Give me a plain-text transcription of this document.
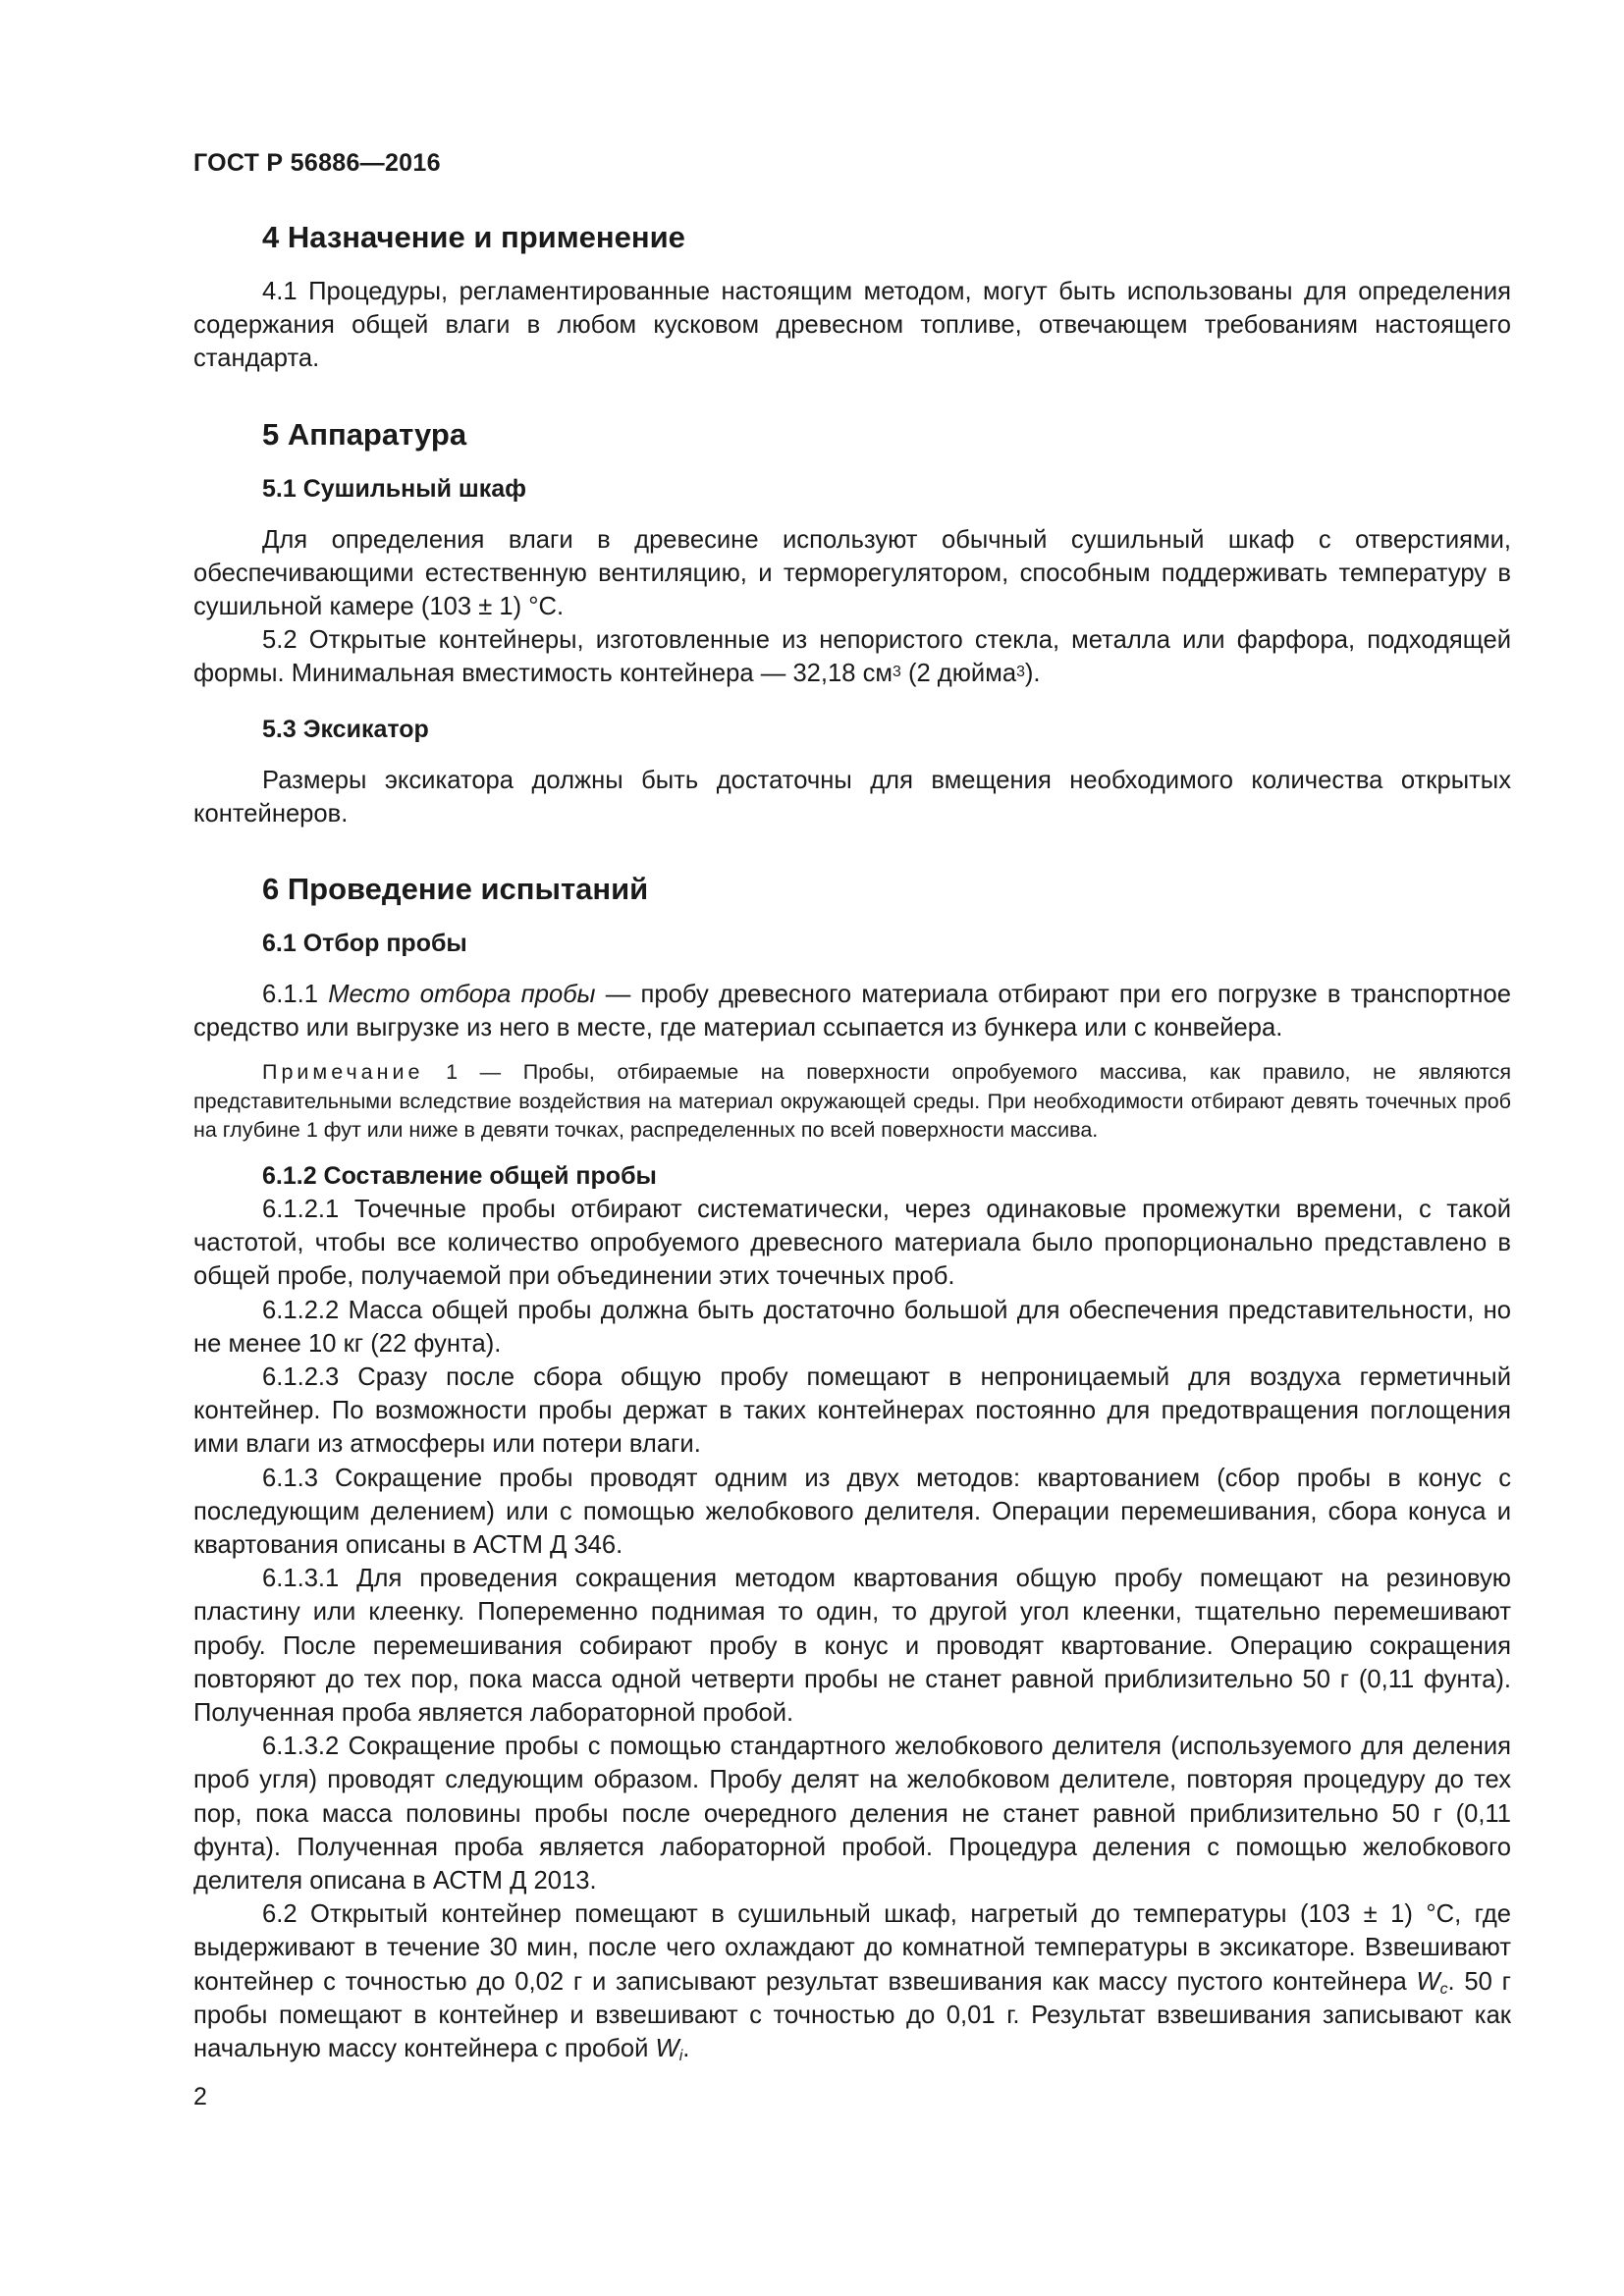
ГОСТ Р 56886—2016
4 Назначение и применение

4.1 Процедуры, регламентированные настоящим методом, могут быть использованы для определения содержания общей влаги в любом кусковом древесном топливе, отвечающем требованиям настоящего стандарта.

5 Аппаратура
5.1 Сушильный шкаф

Для определения влаги в древесине используют обычный сушильный шкаф с отверстиями, обеспечивающими естественную вентиляцию, и терморегулятором, способным поддерживать температуру в сушильной камере (103 ± 1) °С.

5.2 Открытые контейнеры, изготовленные из непористого стекла, металла или фарфора, подходящей формы. Минимальная вместимость контейнера — 32,18 $см^3$ (2 дюйма$^3$).

5.3 Эксикатор

Размеры эксикатора должны быть достаточны для вмещения необходимого количества открытых контейнеров.

6 Проведение испытаний
6.1 Отбор пробы

6.1.1 Место отбора пробы — пробу древесного материала отбирают при его погрузке в транспортное средство или выгрузке из него в месте, где материал ссыпается из бункера или с конвейера.

Примечание 1 — Пробы, отбираемые на поверхности опробуемого массива, как правило, не являются представительными вследствие воздействия на материал окружающей среды. При необходимости отбирают девять точечных проб на глубине 1 фут или ниже в девяти точках, распределенных по всей поверхности массива.

6.1.2 Составление общей пробы

6.1.2.1 Точечные пробы отбирают систематически, через одинаковые промежутки времени, с такой частотой, чтобы все количество опробуемого древесного материала было пропорционально представлено в общей пробе, получаемой при объединении этих точечных проб.

6.1.2.2 Масса общей пробы должна быть достаточно большой для обеспечения представительности, но не менее 10 кг (22 фунта).

6.1.2.3 Сразу после сбора общую пробу помещают в непроницаемый для воздуха герметичный контейнер. По возможности пробы держат в таких контейнерах постоянно для предотвращения поглощения ими влаги из атмосферы или потери влаги.

6.1.3 Сокращение пробы проводят одним из двух методов: квартованием (сбор пробы в конус с последующим делением) или с помощью желобкового делителя. Операции перемешивания, сбора конуса и квартования описаны в АСТМ Д 346.

6.1.3.1 Для проведения сокращения методом квартования общую пробу помещают на резиновую пластину или клеенку. Попеременно поднимая то один, то другой угол клеенки, тщательно перемешивают пробу. После перемешивания собирают пробу в конус и проводят квартование. Операцию сокращения повторяют до тех пор, пока масса одной четверти пробы не станет равной приблизительно 50 г (0,11 фунта). Полученная проба является лабораторной пробой.

6.1.3.2 Сокращение пробы с помощью стандартного желобкового делителя (используемого для деления проб угля) проводят следующим образом. Пробу делят на желобковом делителе, повторяя процедуру до тех пор, пока масса половины пробы после очередного деления не станет равной приблизительно 50 г (0,11 фунта). Полученная проба является лабораторной пробой. Процедура деления с помощью желобкового делителя описана в АСТМ Д 2013.

6.2 Открытый контейнер помещают в сушильный шкаф, нагретый до температуры (103 ± 1) °С, где выдерживают в течение 30 мин, после чего охлаждают до комнатной температуры в эксикаторе. Взвешивают контейнер с точностью до 0,02 г и записывают результат взвешивания как массу пустого контейнера $W_c$. 50 г пробы помещают в контейнер и взвешивают с точностью до 0,01 г. Результат взвешивания записывают как начальную массу контейнера с пробой $W_i$.

2
